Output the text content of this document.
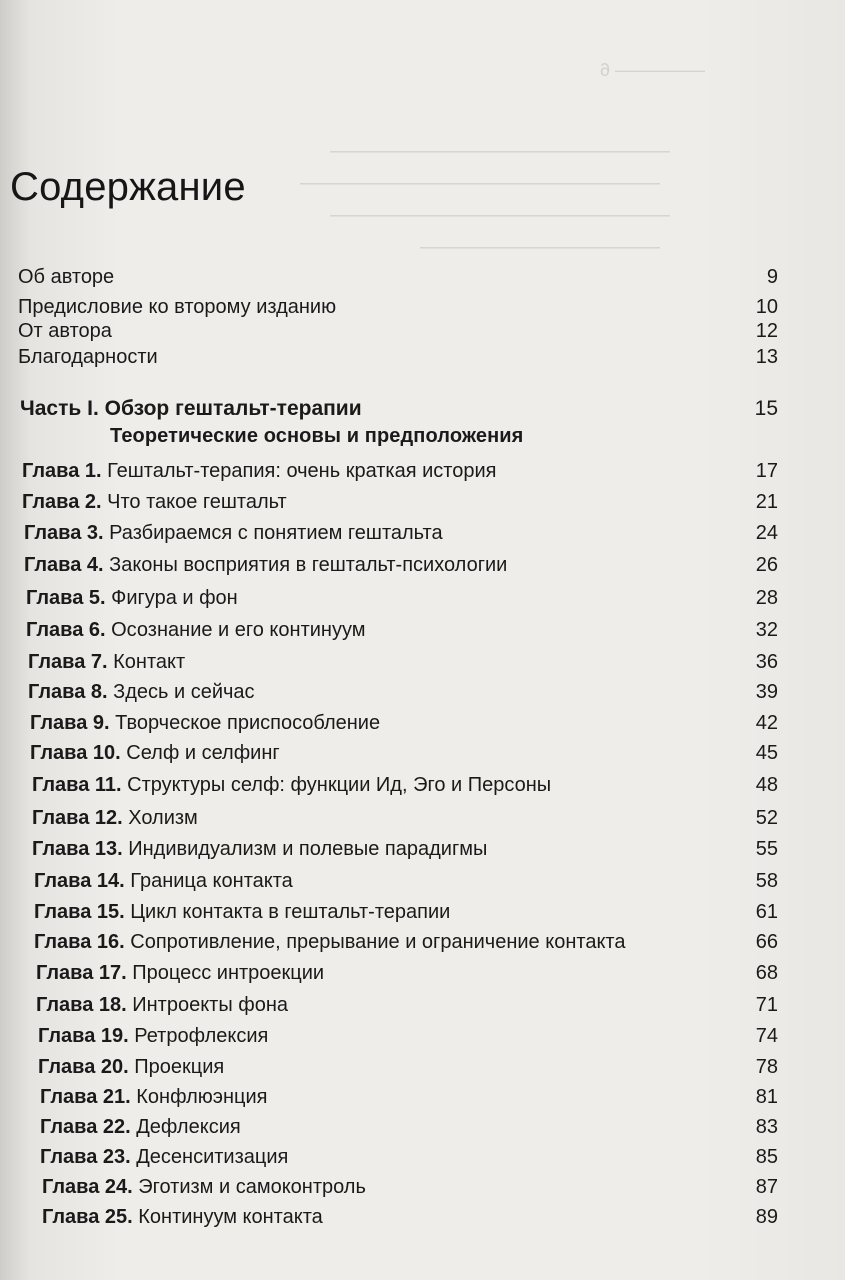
————— 6
—————————————————
——————————————————
—————————————————
————————————
Содержание
Об авторе	9
Предисловие ко второму изданию	10
От автора	12
Благодарности	13
Часть I. Обзор гештальт-терапии	15
Теоретические основы и предположения
Глава 1. Гештальт-терапия: очень краткая история	17
Глава 2. Что такое гештальт	21
Глава 3. Разбираемся с понятием гештальта	24
Глава 4. Законы восприятия в гештальт-психологии	26
Глава 5. Фигура и фон	28
Глава 6. Осознание и его континуум	32
Глава 7. Контакт	36
Глава 8. Здесь и сейчас	39
Глава 9. Творческое приспособление	42
Глава 10. Селф и селфинг	45
Глава 11. Структуры селф: функции Ид, Эго и Персоны	48
Глава 12. Холизм	52
Глава 13. Индивидуализм и полевые парадигмы	55
Глава 14. Граница контакта	58
Глава 15. Цикл контакта в гештальт-терапии	61
Глава 16. Сопротивление, прерывание и ограничение контакта	66
Глава 17. Процесс интроекции	68
Глава 18. Интроекты фона	71
Глава 19. Ретрофлексия	74
Глава 20. Проекция	78
Глава 21. Конфлюэнция	81
Глава 22. Дефлексия	83
Глава 23. Десенситизация	85
Глава 24. Эготизм и самоконтроль	87
Глава 25. Континуум контакта	89
